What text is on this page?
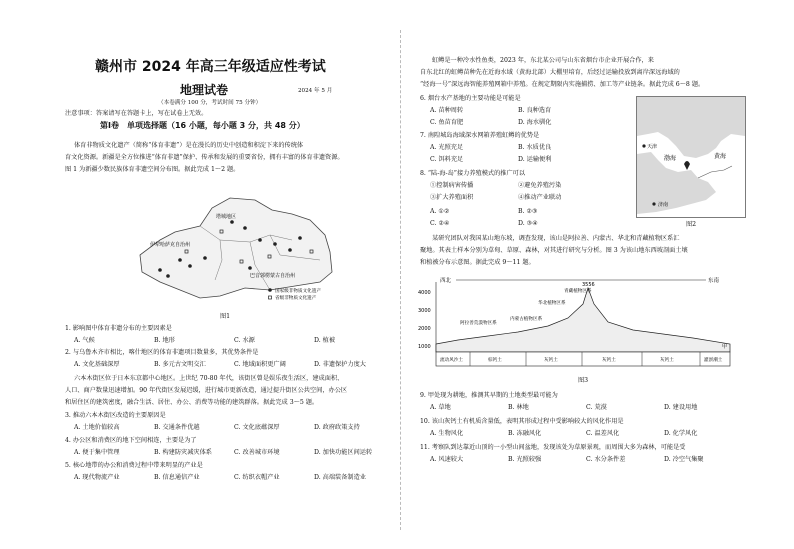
赣州市 2024 年高三年级适应性考试
地理试卷	2024 年 5 月
（本卷满分 100 分，考试时间 75 分钟）
注意事项：答案请写在答题卡上，写在试卷上无效。
第Ⅰ卷　单项选择题（16 小题，每小题 3 分，共 48 分）
体育非物质文化遗产（简称“体育非遗”）是在漫长的历史中创造和积淀下来的传统体
育文化资源。新疆是全方位推进“体育非遗”保护、传承和发展的重要省份，拥有丰富的体育非遗资源。
图 1 为新疆少数民族体育非遗空间分布图。据此完成 1～2 题。
塔城地区
伊犁哈萨克自治州
巴音郭楞蒙古自治州
国家级非物质文化遗产
省级非物质文化遗产
图1
1. 影响图中体育非遗分布的主要因素是
A. 气候	B. 地形	C. 水源	D. 植被
2. 与乌鲁木齐市相比，喀什地区的体育非遗项目数量多，其优势条件是
A. 文化基础深厚	B. 多元古文明交汇	C. 地域面积更广阔	D. 非遗保护力度大
六本木街区位于日本东京都中心地区。上世纪 70-80 年代，该街区曾是娱乐夜生活区，建成面积、
人口、商户数量迅速增加。90 年代街区发展迟缓，进行城市更新改造，通过提升街区公共空间，办公区
和居住区的建筑密度，融合生活、居住、办公、消费等功能的建筑群落。据此完成 3～5 题。
3. 推动六本木街区改造的主要原因是
A. 土地价值较高	B. 交通条件优越	C. 文化底蕴深厚	D. 政府政策支持
4. 办公区和消费区的地下空间相连，主要是为了
A. 便于集中管理	B. 构建防灾减灾体系	C. 改善城市环境	D. 加快功能区间运转
5. 核心地带的办公和消费过程中带来明显的产业是
A. 现代物流产业	B. 信息通信产业	C. 纺织衣帽产业	D. 高端装备制造业
虹鳟是一种冷水性鱼类，2023 年，东北某公司与山东省烟台市企业开展合作，来
自东北红的虹鳟苗种先在近海水域（黄海北部）大棚里培育，后经过运输投放到离岸深远海域的
“经海一号”深远海智能养殖网箱中养殖。在规定期限内实施捕捞、加工等产业链条。据此完成 6～8 题。
6. 烟台水产基地的主要功能是可能是
A. 苗种周转	B. 良种选育
C. 鱼苗育肥	D. 海水驯化
7. 南隍城岛海域深水网箱养殖虹鳟的优势是
A. 光照充足	B. 水质优良
C. 饵料充足	D. 运输便利
8. “陆-海-岛”接力养殖模式的推广可以
①控制病害传播	②避免养殖污染
③扩大养殖面积	④推动产业联动
A. ①②	B. ②③
C. ②④	D. ③④
天津
渤海	黄海
济南
图2
某研究团队对我国某山地东坡，调查发现，该山是阿拉善、内蒙古、华北和青藏植物区系汇
聚地。其表土样本分别为草甸、草原、森林，对其进行研究与分析。图 3 为该山地东西坡剖面土壤
和植被分布示意图。据此完成 9～11 题。
4000
3000
2000
1000
西北	东南
3556
阿拉善荒漠物区系
内蒙古植物区系
华北植物区系
青藏植物区系
流动风沙土	棕钙土	灰钙土	灰钙土	灰钙土	灌淤潮土
甲
图3
9. 甲处现为耕地，推测其早期的土地类型最可能为
A. 草地	B. 林地	C. 荒漠	D. 建设用地
10. 该山灰钙土有机质含量低，表明其形成过程中受影响较大的风化作用是
A. 生物风化	B. 冻融风化	C. 温差风化	D. 化学风化
11. 考察队到达靠近山顶的一小型山间盆地，发现该处为草原景观，而周围大多为森林，可能是受
A. 风速较大	B. 光照较强	C. 水分条件差	D. 冷空气集聚
